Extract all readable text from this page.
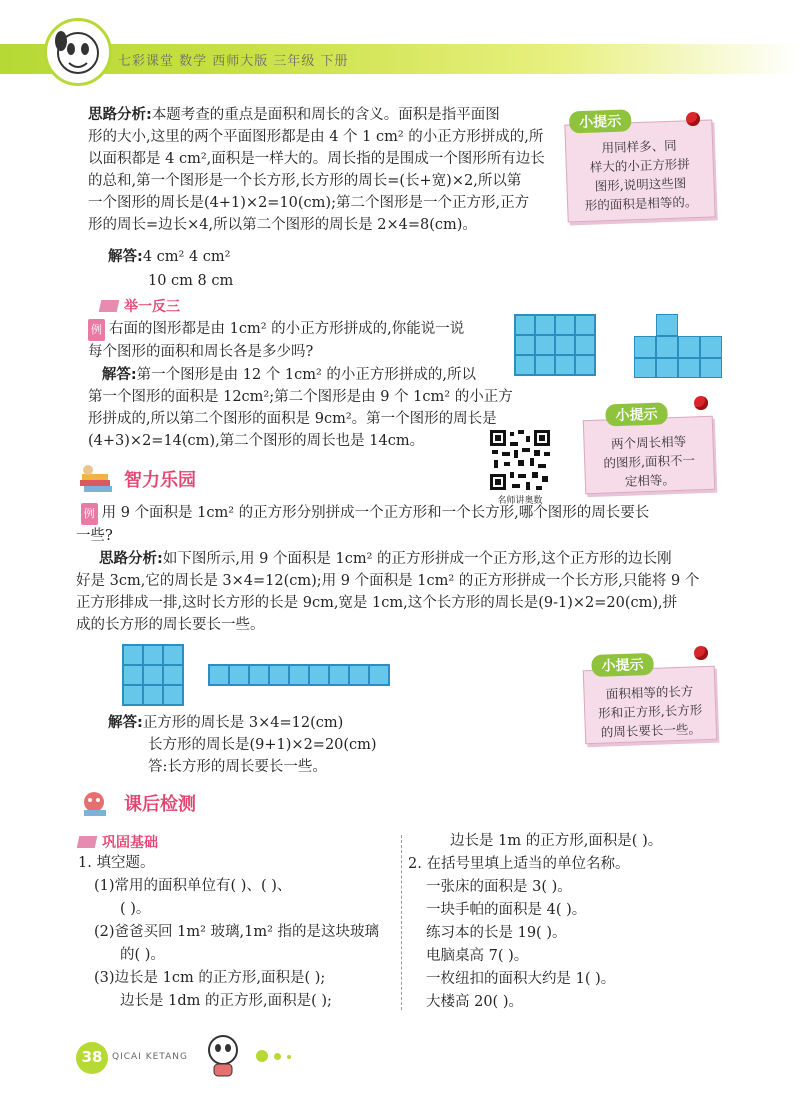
七彩课堂 数学 西师大版 三年级 下册
思路分析:本题考查的重点是面积和周长的含义。面积是指平面图
形的大小,这里的两个平面图形都是由 4 个 1 cm² 的小正方形拼成的,所
以面积都是 4 cm²,面积是一样大的。周长指的是围成一个图形所有边长
的总和,第一个图形是一个长方形,长方形的周长=(长+宽)×2,所以第
一个图形的周长是(4+1)×2=10(cm);第二个图形是一个正方形,正方
形的周长=边长×4,所以第二个图形的周长是 2×4=8(cm)。
解答:4 cm² 4 cm²
10 cm 8 cm
小提示
用同样多、同
样大的小正方形拼
图形,说明这些图
形的面积是相等的。
举一反三
例 右面的图形都是由 1cm² 的小正方形拼成的,你能说一说
每个图形的面积和周长各是多少吗?
解答:第一个图形是由 12 个 1cm² 的小正方形拼成的,所以
第一个图形的面积是 12cm²;第二个图形是由 9 个 1cm² 的小正方
形拼成的,所以第二个图形的面积是 9cm²。第一个图形的周长是
(4+3)×2=14(cm),第二个图形的周长也是 14cm。
名师讲奥数
小提示
两个周长相等
的图形,面积不一
定相等。
智力乐园
例 用 9 个面积是 1cm² 的正方形分别拼成一个正方形和一个长方形,哪个图形的周长要长
一些?
思路分析:如下图所示,用 9 个面积是 1cm² 的正方形拼成一个正方形,这个正方形的边长刚
好是 3cm,它的周长是 3×4=12(cm);用 9 个面积是 1cm² 的正方形拼成一个长方形,只能将 9 个
正方形排成一排,这时长方形的长是 9cm,宽是 1cm,这个长方形的周长是(9-1)×2=20(cm),拼
成的长方形的周长要长一些。
小提示
面积相等的长方
形和正方形,长方形
的周长要长一些。
解答:正方形的周长是 3×4=12(cm)
长方形的周长是(9+1)×2=20(cm)
答:长方形的周长要长一些。
课后检测
巩固基础
1. 填空题。
(1)常用的面积单位有( )、( )、
( )。
(2)爸爸买回 1m² 玻璃,1m² 指的是这块玻璃
的( )。
(3)边长是 1cm 的正方形,面积是( );
边长是 1dm 的正方形,面积是( );
边长是 1m 的正方形,面积是( )。
2. 在括号里填上适当的单位名称。
一张床的面积是 3( )。
一块手帕的面积是 4( )。
练习本的长是 19( )。
电脑桌高 7( )。
一枚纽扣的面积大约是 1( )。
大楼高 20( )。
38	QICAI KETANG
